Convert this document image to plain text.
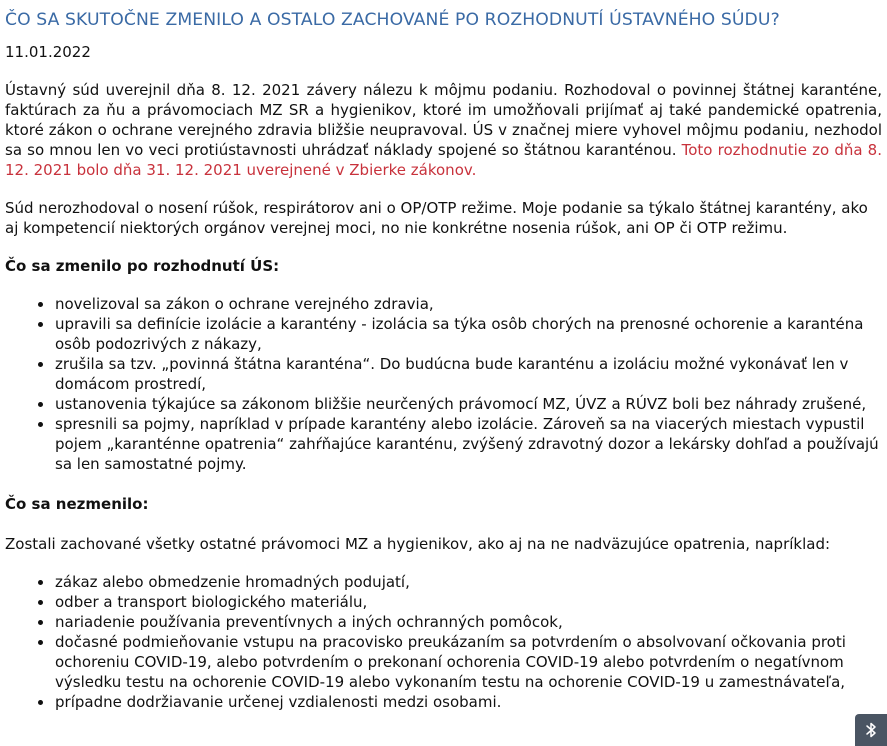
ČO SA SKUTOČNE ZMENILO A OSTALO ZACHOVANÉ PO ROZHODNUTÍ ÚSTAVNÉHO SÚDU?
11.01.2022

Ústavný súd uverejnil dňa 8. 12. 2021 závery nálezu k môjmu podaniu. Rozhodoval o povinnej štátnej karanténe, faktúrach za ňu a právomociach MZ SR a hygienikov, ktoré im umožňovali prijímať aj také pandemické opatrenia, ktoré zákon o ochrane verejného zdravia bližšie neupravoval. ÚS v značnej miere vyhovel môjmu podaniu, nezhodol sa so mnou len vo veci protiústavnosti uhrádzať náklady spojené so štátnou karanténou. Toto rozhodnutie zo dňa 8. 12. 2021 bolo dňa 31. 12. 2021 uverejnené v Zbierke zákonov.

Súd nerozhodoval o nosení rúšok, respirátorov ani o OP/OTP režime. Moje podanie sa týkalo štátnej karantény, ako aj kompetencií niektorých orgánov verejnej moci, no nie konkrétne nosenia rúšok, ani OP či OTP režimu.

Čo sa zmenilo po rozhodnutí ÚS:

• novelizoval sa zákon o ochrane verejného zdravia,
• upravili sa definície izolácie a karantény - izolácia sa týka osôb chorých na prenosné ochorenie a karanténa osôb podozrivých z nákazy,
• zrušila sa tzv. „povinná štátna karanténa“. Do budúcna bude karanténu a izoláciu možné vykonávať len v domácom prostredí,
• ustanovenia týkajúce sa zákonom bližšie neurčených právomocí MZ, ÚVZ a RÚVZ boli bez náhrady zrušené,
• spresnili sa pojmy, napríklad v prípade karantény alebo izolácie. Zároveň sa na viacerých miestach vypustil pojem „karanténne opatrenia“ zahŕňajúce karanténu, zvýšený zdravotný dozor a lekársky dohľad a používajú sa len samostatné pojmy.

Čo sa nezmenilo:

Zostali zachované všetky ostatné právomoci MZ a hygienikov, ako aj na ne nadväzujúce opatrenia, napríklad:

• zákaz alebo obmedzenie hromadných podujatí,
• odber a transport biologického materiálu,
• nariadenie používania preventívnych a iných ochranných pomôcok,
• dočasné podmieňovanie vstupu na pracovisko preukázaním sa potvrdením o absolvovaní očkovania proti ochoreniu COVID-19, alebo potvrdením o prekonaní ochorenia COVID-19 alebo potvrdením o negatívnom výsledku testu na ochorenie COVID-19 alebo vykonaním testu na ochorenie COVID-19 u zamestnávateľa,
• prípadne dodržiavanie určenej vzdialenosti medzi osobami.
